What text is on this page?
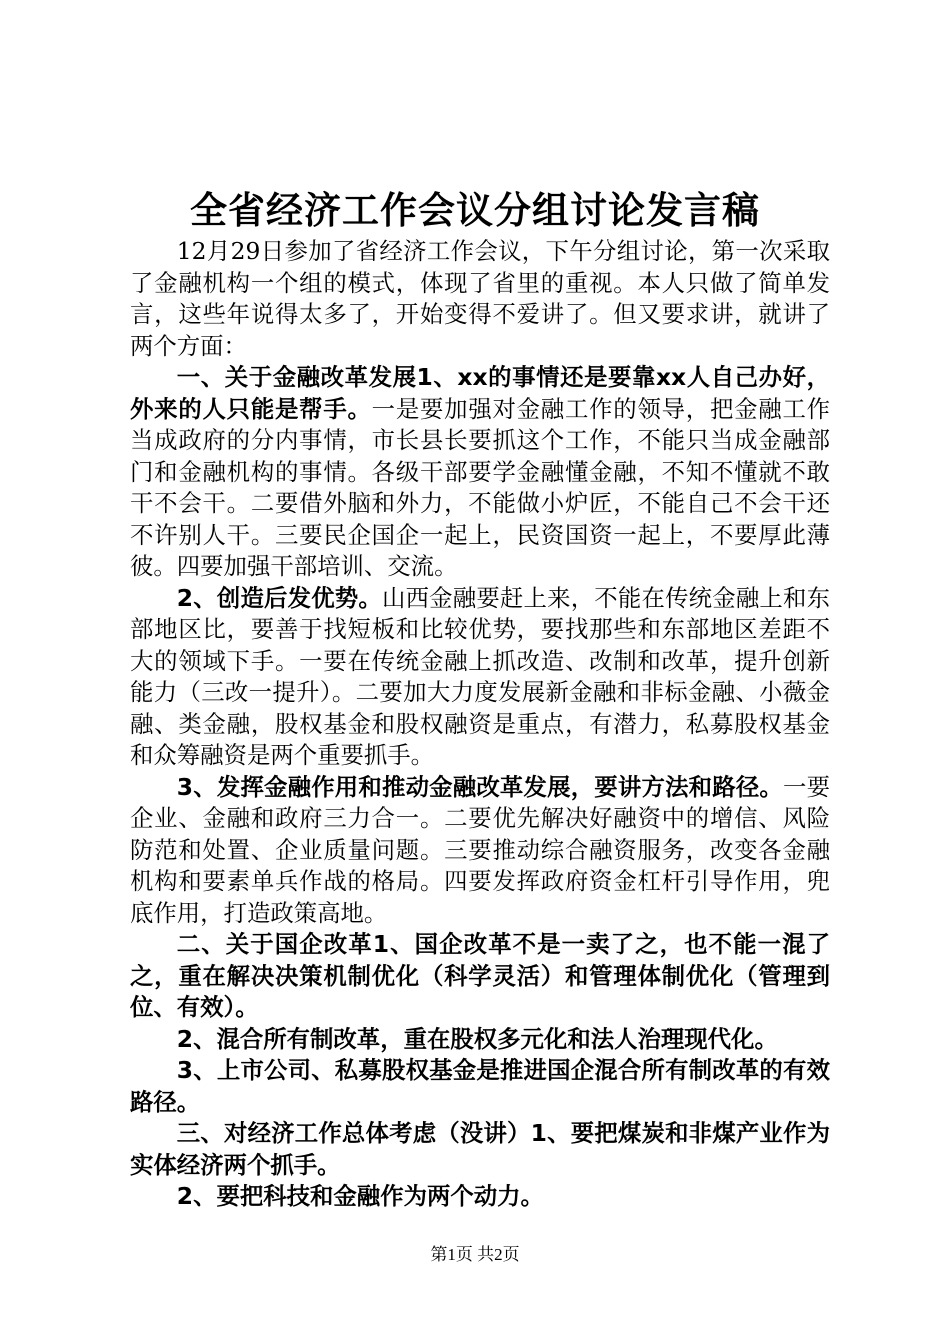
全省经济工作会议分组讨论发言稿

12月29日参加了省经济工作会议，下午分组讨论，第一次采取了金融机构一个组的模式，体现了省里的重视。本人只做了简单发言，这些年说得太多了，开始变得不爱讲了。但又要求讲，就讲了两个方面：

一、关于金融改革发展1、xx的事情还是要靠xx人自己办好，外来的人只能是帮手。一是要加强对金融工作的领导，把金融工作当成政府的分内事情，市长县长要抓这个工作，不能只当成金融部门和金融机构的事情。各级干部要学金融懂金融，不知不懂就不敢干不会干。二要借外脑和外力，不能做小炉匠，不能自己不会干还不许别人干。三要民企国企一起上，民资国资一起上，不要厚此薄彼。四要加强干部培训、交流。

2、创造后发优势。山西金融要赶上来，不能在传统金融上和东部地区比，要善于找短板和比较优势，要找那些和东部地区差距不大的领域下手。一要在传统金融上抓改造、改制和改革，提升创新能力（三改一提升）。二要加大力度发展新金融和非标金融、小薇金融、类金融，股权基金和股权融资是重点，有潜力，私募股权基金和众筹融资是两个重要抓手。

3、发挥金融作用和推动金融改革发展，要讲方法和路径。一要企业、金融和政府三力合一。二要优先解决好融资中的增信、风险防范和处置、企业质量问题。三要推动综合融资服务，改变各金融机构和要素单兵作战的格局。四要发挥政府资金杠杆引导作用，兜底作用，打造政策高地。

二、关于国企改革1、国企改革不是一卖了之，也不能一混了之，重在解决决策机制优化（科学灵活）和管理体制优化（管理到位、有效）。

2、混合所有制改革，重在股权多元化和法人治理现代化。

3、上市公司、私募股权基金是推进国企混合所有制改革的有效路径。

三、对经济工作总体考虑（没讲）1、要把煤炭和非煤产业作为实体经济两个抓手。

2、要把科技和金融作为两个动力。

第1页 共2页
